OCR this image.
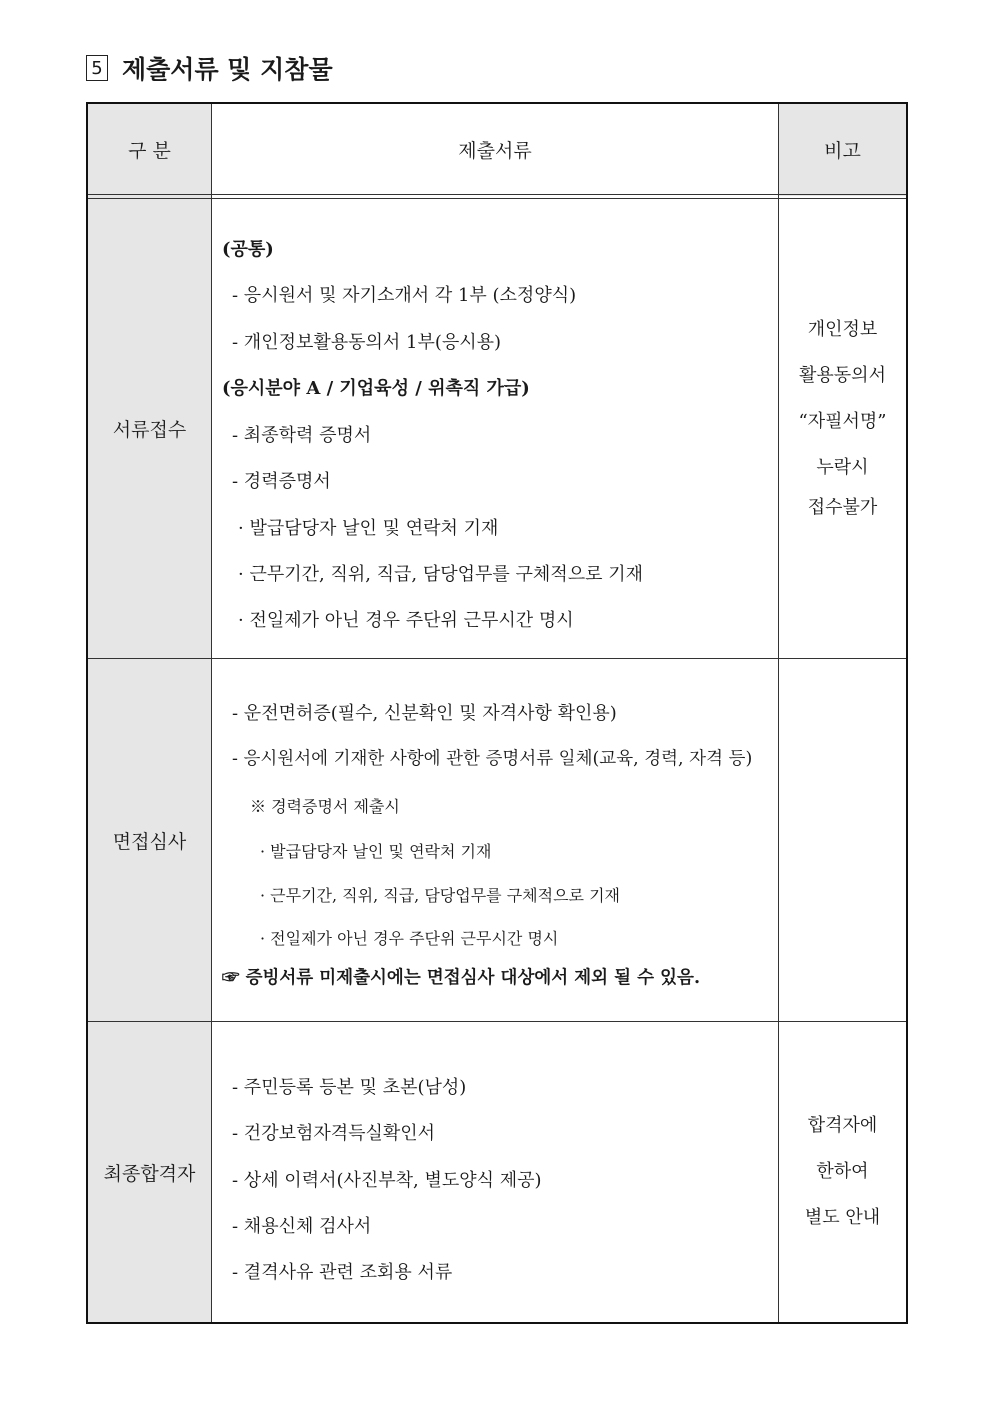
5 제출서류 및 지참물
구 분	제출서류	비고
서류접수
(공통)
- 응시원서 및 자기소개서 각 1부 (소정양식)
- 개인정보활용동의서 1부(응시용)
(응시분야 A / 기업육성 / 위촉직 가급)
- 최종학력 증명서
- 경력증명서
· 발급담당자 날인 및 연락처 기재
· 근무기간, 직위, 직급, 담당업무를 구체적으로 기재
· 전일제가 아닌 경우 주단위 근무시간 명시
개인정보
활용동의서
“자필서명”
누락시
접수불가
면접심사
- 운전면허증(필수, 신분확인 및 자격사항 확인용)
- 응시원서에 기재한 사항에 관한 증명서류 일체(교육, 경력, 자격 등)
※ 경력증명서 제출시
· 발급담당자 날인 및 연락처 기재
· 근무기간, 직위, 직급, 담당업무를 구체적으로 기재
· 전일제가 아닌 경우 주단위 근무시간 명시
☞ 증빙서류 미제출시에는 면접심사 대상에서 제외 될 수 있음.
최종합격자
- 주민등록 등본 및 초본(남성)
- 건강보험자격득실확인서
- 상세 이력서(사진부착, 별도양식 제공)
- 채용신체 검사서
- 결격사유 관련 조회용 서류
합격자에
한하여
별도 안내
